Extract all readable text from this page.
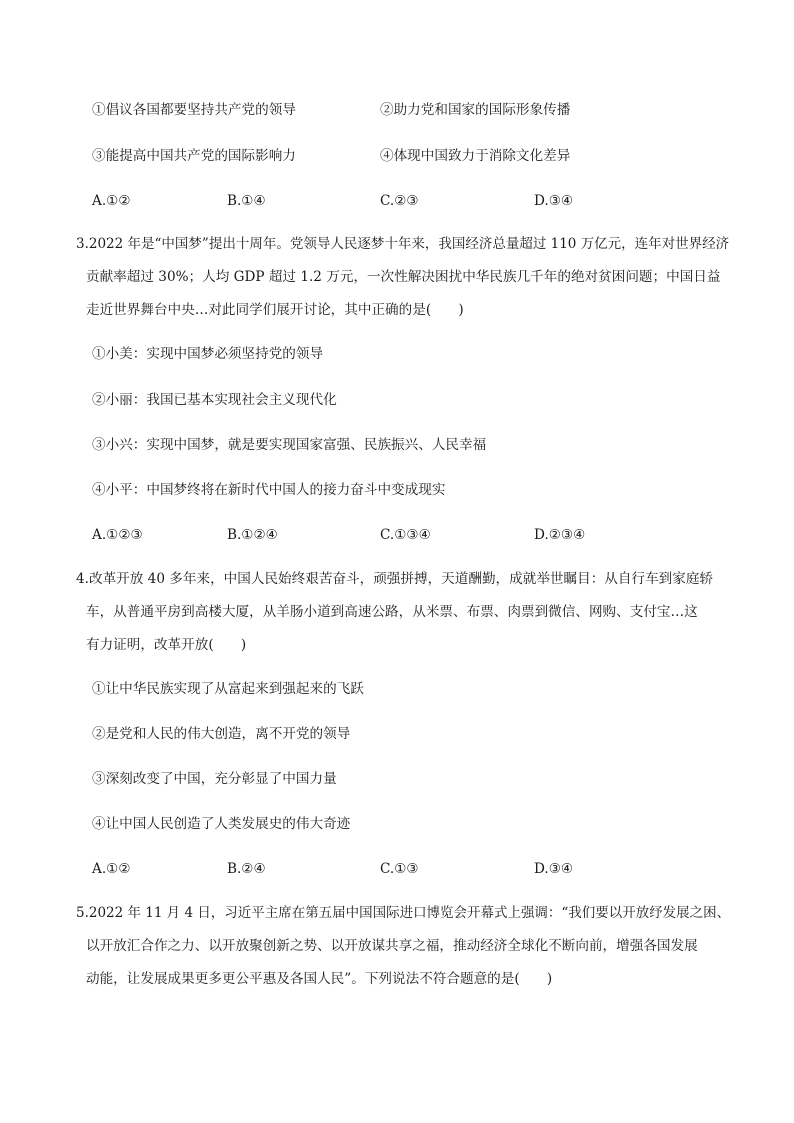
①倡议各国都要坚持共产党的领导	②助力党和国家的国际形象传播
③能提高中国共产党的国际影响力	④体现中国致力于消除文化差异
A.①②	B.①④	C.②③	D.③④
3.2022 年是“中国梦”提出十周年。党领导人民逐梦十年来，我国经济总量超过 110 万亿元，连年对世界经济
贡献率超过 30%；人均 GDP 超过 1.2 万元，一次性解决困扰中华民族几千年的绝对贫困问题；中国日益
走近世界舞台中央…对此同学们展开讨论，其中正确的是(　　)
①小美：实现中国梦必须坚持党的领导
②小丽：我国已基本实现社会主义现代化
③小兴：实现中国梦，就是要实现国家富强、民族振兴、人民幸福
④小平：中国梦终将在新时代中国人的接力奋斗中变成现实
A.①②③	B.①②④	C.①③④	D.②③④
4.改革开放 40 多年来，中国人民始终艰苦奋斗，顽强拼搏，天道酬勤，成就举世瞩目：从自行车到家庭轿
车，从普通平房到高楼大厦，从羊肠小道到高速公路，从米票、布票、肉票到微信、网购、支付宝…这
有力证明，改革开放(　　)
①让中华民族实现了从富起来到强起来的飞跃
②是党和人民的伟大创造，离不开党的领导
③深刻改变了中国，充分彰显了中国力量
④让中国人民创造了人类发展史的伟大奇迹
A.①②	B.②④	C.①③	D.③④
5.2022 年 11 月 4 日，习近平主席在第五届中国国际进口博览会开幕式上强调：“我们要以开放纾发展之困、
以开放汇合作之力、以开放聚创新之势、以开放谋共享之福，推动经济全球化不断向前，增强各国发展
动能，让发展成果更多更公平惠及各国人民”。下列说法不符合题意的是(　　)
